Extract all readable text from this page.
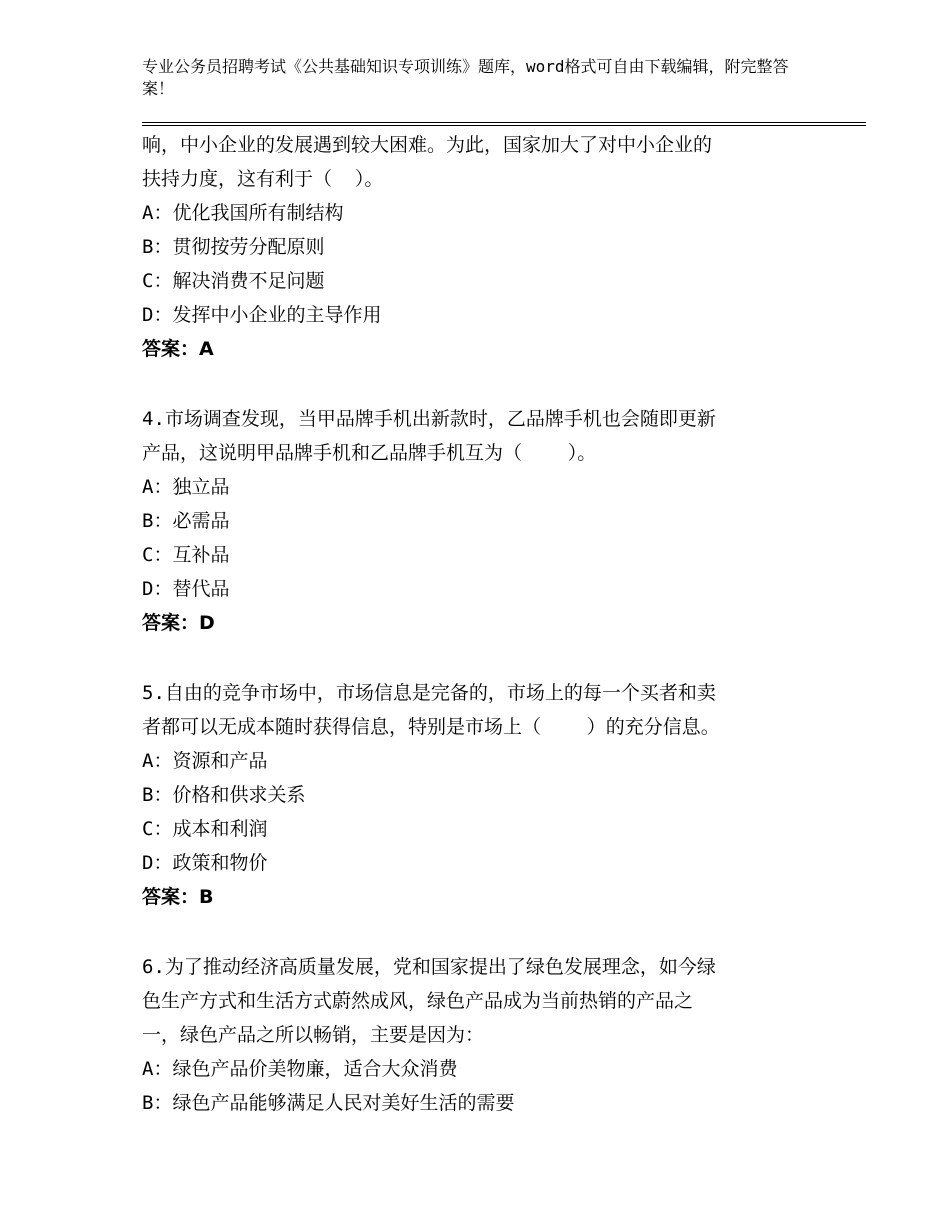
专业公务员招聘考试《公共基础知识专项训练》题库，word格式可自由下载编辑，附完整答案！
响，中小企业的发展遇到较大困难。为此，国家加大了对中小企业的
扶持力度，这有利于（  ）。
A：优化我国所有制结构
B：贯彻按劳分配原则
C：解决消费不足问题
D：发挥中小企业的主导作用
答案：A
4.市场调查发现，当甲品牌手机出新款时，乙品牌手机也会随即更新
产品，这说明甲品牌手机和乙品牌手机互为（    ）。
A：独立品
B：必需品
C：互补品
D：替代品
答案：D
5.自由的竞争市场中，市场信息是完备的，市场上的每一个买者和卖
者都可以无成本随时获得信息，特别是市场上（    ）的充分信息。
A：资源和产品
B：价格和供求关系
C：成本和利润
D：政策和物价
答案：B
6.为了推动经济高质量发展，党和国家提出了绿色发展理念，如今绿
色生产方式和生活方式蔚然成风，绿色产品成为当前热销的产品之
一，绿色产品之所以畅销，主要是因为：
A：绿色产品价美物廉，适合大众消费
B：绿色产品能够满足人民对美好生活的需要
